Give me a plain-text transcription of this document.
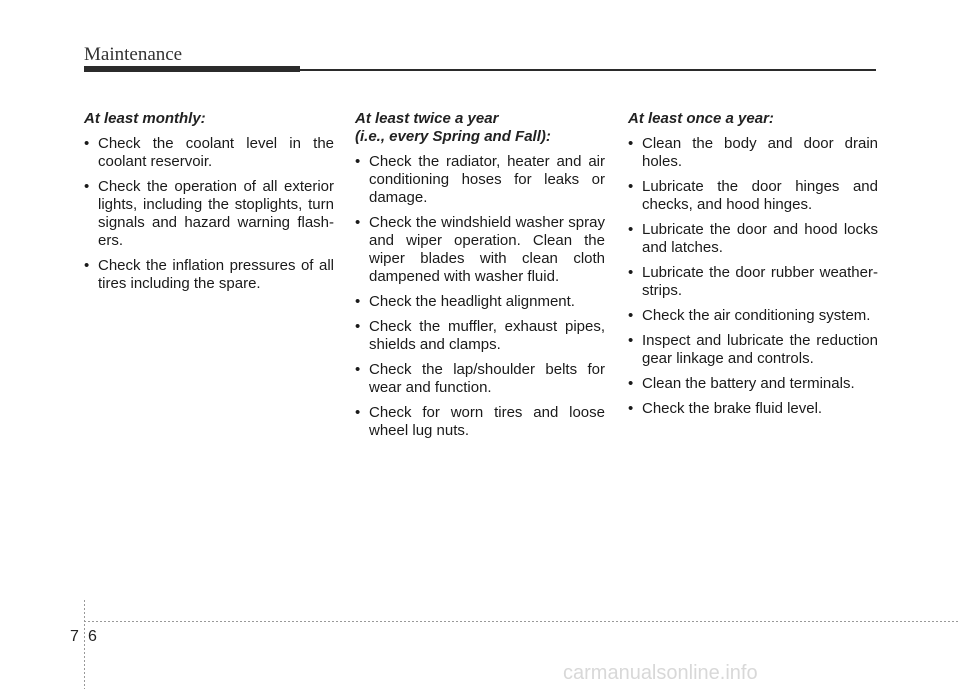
Maintenance
At least monthly:
• Check the coolant level in the coolant reservoir.
• Check the operation of all exterior lights, including the stoplights, turn signals and hazard warning flash-ers.
• Check the inflation pressures of all tires including the spare.
At least twice a year
(i.e., every Spring and Fall):
• Check the radiator, heater and air conditioning hoses for leaks or damage.
• Check the windshield washer spray and wiper operation. Clean the wiper blades with clean cloth dampened with washer fluid.
• Check the headlight alignment.
• Check the muffler, exhaust pipes, shields and clamps.
• Check the lap/shoulder belts for wear and function.
• Check for worn tires and loose wheel lug nuts.
At least once a year:
• Clean the body and door drain holes.
• Lubricate the door hinges and checks, and hood hinges.
• Lubricate the door and hood locks and latches.
• Lubricate the door rubber weather-strips.
• Check the air conditioning system.
• Inspect and lubricate the reduction gear linkage and controls.
• Clean the battery and terminals.
• Check the brake fluid level.
7 6
carmanualsonline.info
